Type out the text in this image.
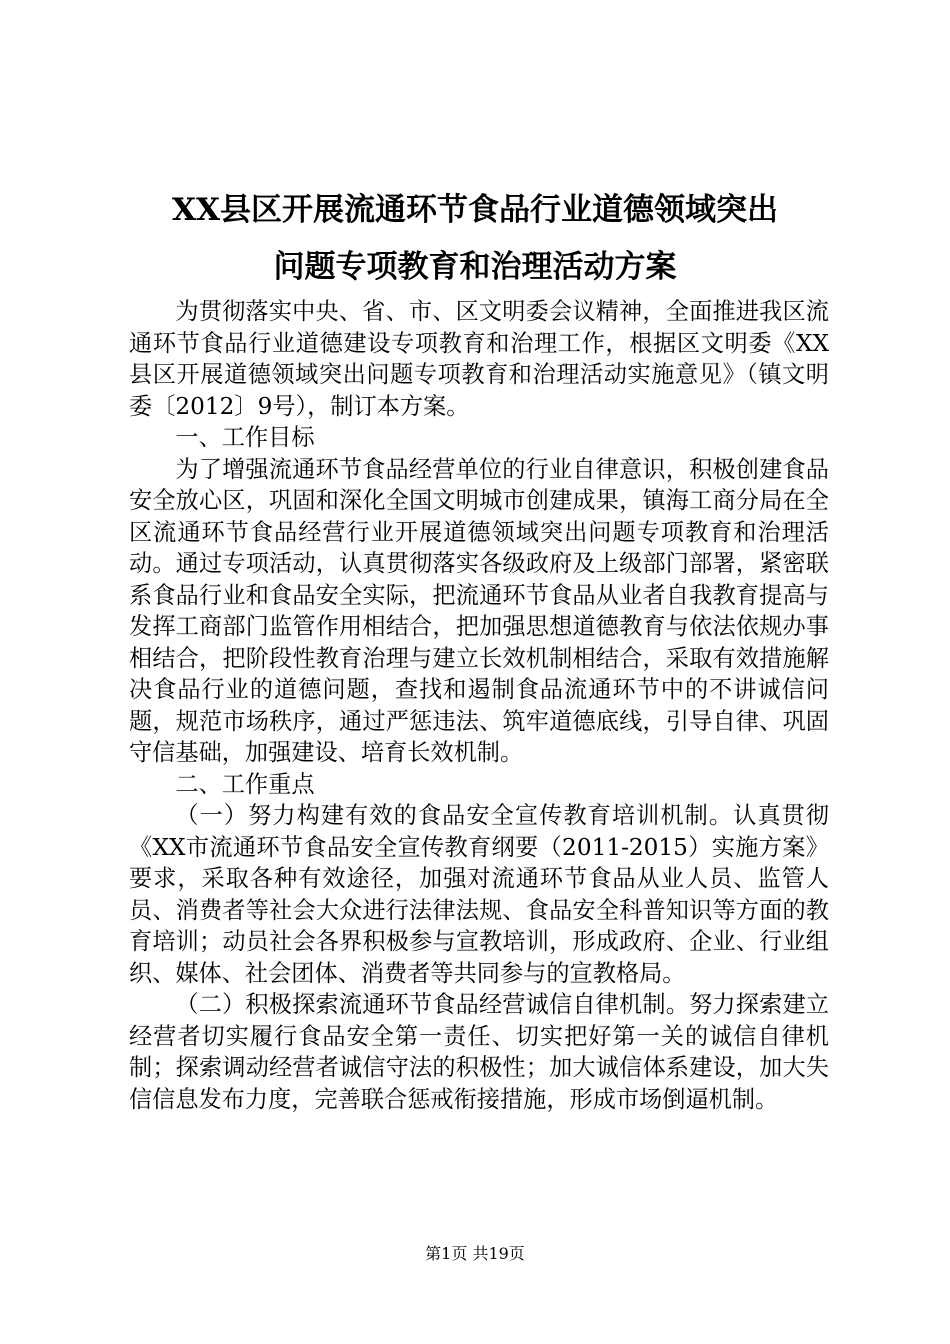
XX县区开展流通环节食品行业道德领域突出
问题专项教育和治理活动方案

为贯彻落实中央、省、市、区文明委会议精神，全面推进我区流通环节食品行业道德建设专项教育和治理工作，根据区文明委《XX县区开展道德领域突出问题专项教育和治理活动实施意见》（镇文明委〔2012〕9号），制订本方案。

一、工作目标

为了增强流通环节食品经营单位的行业自律意识，积极创建食品安全放心区，巩固和深化全国文明城市创建成果，镇海工商分局在全区流通环节食品经营行业开展道德领域突出问题专项教育和治理活动。通过专项活动，认真贯彻落实各级政府及上级部门部署，紧密联系食品行业和食品安全实际，把流通环节食品从业者自我教育提高与发挥工商部门监管作用相结合，把加强思想道德教育与依法依规办事相结合，把阶段性教育治理与建立长效机制相结合，采取有效措施解决食品行业的道德问题，查找和遏制食品流通环节中的不讲诚信问题，规范市场秩序，通过严惩违法、筑牢道德底线，引导自律、巩固守信基础，加强建设、培育长效机制。

二、工作重点

（一）努力构建有效的食品安全宣传教育培训机制。认真贯彻《XX市流通环节食品安全宣传教育纲要（2011-2015）实施方案》要求，采取各种有效途径，加强对流通环节食品从业人员、监管人员、消费者等社会大众进行法律法规、食品安全科普知识等方面的教育培训；动员社会各界积极参与宣教培训，形成政府、企业、行业组织、媒体、社会团体、消费者等共同参与的宣教格局。

（二）积极探索流通环节食品经营诚信自律机制。努力探索建立经营者切实履行食品安全第一责任、切实把好第一关的诚信自律机制；探索调动经营者诚信守法的积极性；加大诚信体系建设，加大失信信息发布力度，完善联合惩戒衔接措施，形成市场倒逼机制。

第1页 共19页
